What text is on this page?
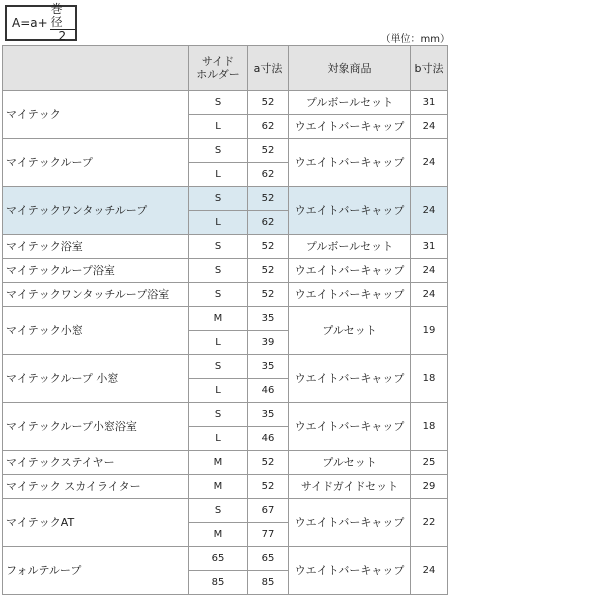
$A=a+ \frac{\text{巻径}}{2}$	（単位：mm）
	サイド
ホルダー	a寸法	対象商品	b寸法
マイテック	S	52	プルボールセット	31
	L	62	ウエイトバーキャップ	24
マイテックループ	S	52	ウエイトバーキャップ	24
	L	62		
マイテックワンタッチループ	S	52	ウエイトバーキャップ	24
	L	62		
マイテック浴室	S	52	プルボールセット	31
マイテックループ浴室	S	52	ウエイトバーキャップ	24
マイテックワンタッチループ浴室	S	52	ウエイトバーキャップ	24
マイテック小窓	M	35	プルセット	19
	L	39		
マイテックループ 小窓	S	35	ウエイトバーキャップ	18
	L	46		
マイテックループ小窓浴室	S	35	ウエイトバーキャップ	18
	L	46		
マイテックステイヤー	M	52	プルセット	25
マイテック スカイライター	M	52	サイドガイドセット	29
マイテックAT	S	67	ウエイトバーキャップ	22
	M	77		
フォルテループ	65	65	ウエイトバーキャップ	24
	85	85		
